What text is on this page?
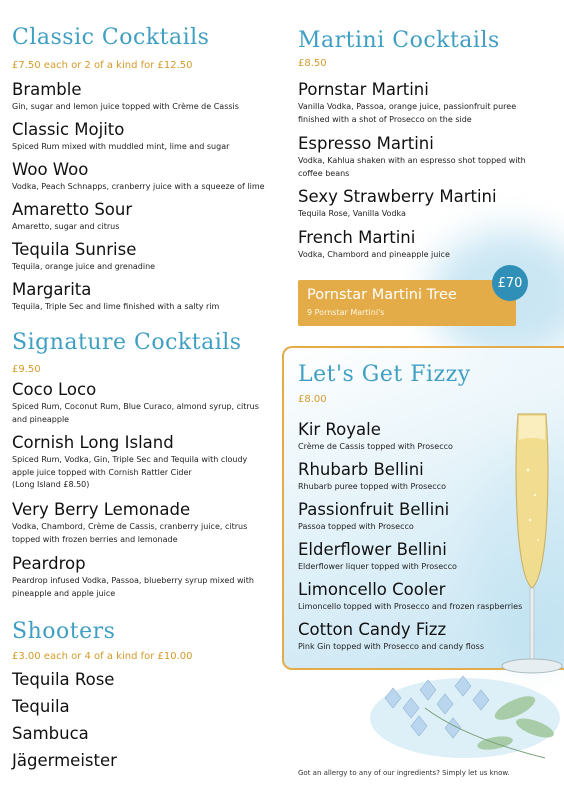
Classic Cocktails
£7.50 each or 2 of a kind for £12.50
Bramble
Gin, sugar and lemon juice topped with Crème de Cassis
Classic Mojito
Spiced Rum mixed with muddled mint, lime and sugar
Woo Woo
Vodka, Peach Schnapps, cranberry juice with a squeeze of lime
Amaretto Sour
Amaretto, sugar and citrus
Tequila Sunrise
Tequila, orange juice and grenadine
Margarita
Tequila, Triple Sec and lime finished with a salty rim
Signature Cocktails
£9.50
Coco Loco
Spiced Rum, Coconut Rum, Blue Curaco, almond syrup, citrus and pineapple
Cornish Long Island
Spiced Rum, Vodka, Gin, Triple Sec and Tequila with cloudy apple juice topped with Cornish Rattler Cider
(Long Island £8.50)
Very Berry Lemonade
Vodka, Chambord, Crème de Cassis, cranberry juice, citrus topped with frozen berries and lemonade
Peardrop
Peardrop infused Vodka, Passoa, blueberry syrup mixed with pineapple and apple juice
Shooters
£3.00 each or 4 of a kind for £10.00
Tequila Rose
Tequila
Sambuca
Jägermeister
Martini Cocktails
£8.50
Pornstar Martini
Vanilla Vodka, Passoa, orange juice, passionfruit puree finished with a shot of Prosecco on the side
Espresso Martini
Vodka, Kahlua shaken with an espresso shot topped with coffee beans
Sexy Strawberry Martini
Tequila Rose, Vanilla Vodka
French Martini
Vodka, Chambord and pineapple juice
Pornstar Martini Tree
9 Pornstar Martini's
£70
Let's Get Fizzy
£8.00
Kir Royale
Crème de Cassis topped with Prosecco
Rhubarb Bellini
Rhubarb puree topped with Prosecco
Passionfruit Bellini
Passoa topped with Prosecco
Elderflower Bellini
Elderflower liquer topped with Prosecco
Limoncello Cooler
Limoncello topped with Prosecco and frozen raspberries
Cotton Candy Fizz
Pink Gin topped with Prosecco and candy floss
Got an allergy to any of our ingredients? Simply let us know.
